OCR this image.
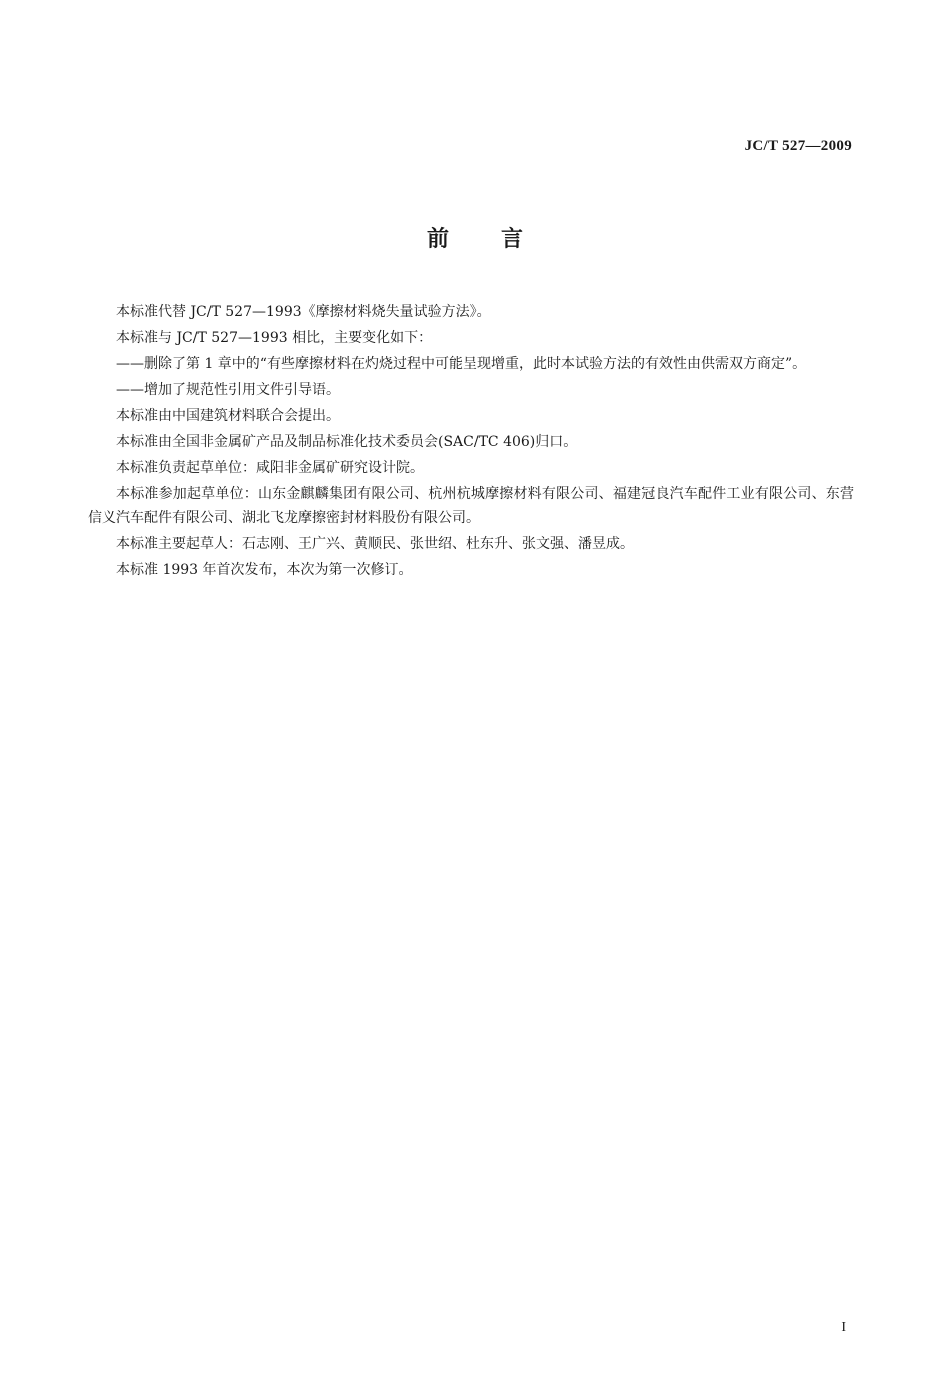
JC/T 527—2009
前言

本标准代替 JC/T 527—1993《摩擦材料烧失量试验方法》。

本标准与 JC/T 527—1993 相比，主要变化如下：

——删除了第 1 章中的“有些摩擦材料在灼烧过程中可能呈现增重，此时本试验方法的有效性由供需双方商定”。

——增加了规范性引用文件引导语。

本标准由中国建筑材料联合会提出。

本标准由全国非金属矿产品及制品标准化技术委员会(SAC/TC 406)归口。

本标准负责起草单位：咸阳非金属矿研究设计院。

本标准参加起草单位：山东金麒麟集团有限公司、杭州杭城摩擦材料有限公司、福建冠良汽车配件工业有限公司、东营信义汽车配件有限公司、湖北飞龙摩擦密封材料股份有限公司。

本标准主要起草人：石志刚、王广兴、黄顺民、张世绍、杜东升、张文强、潘昱成。

本标准 1993 年首次发布，本次为第一次修订。

I
